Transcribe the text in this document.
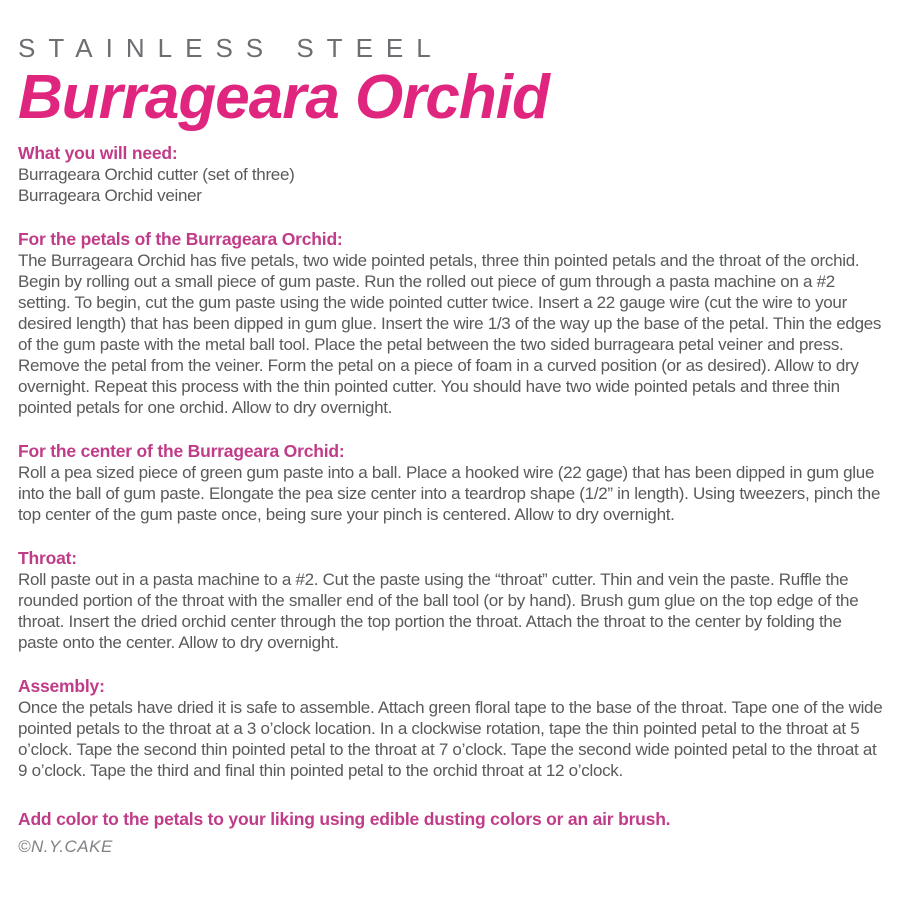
STAINLESS STEEL
Burrageara Orchid
What you will need:
Burrageara Orchid cutter (set of three)
Burrageara Orchid veiner
For the petals of the Burrageara Orchid:

The Burrageara Orchid has five petals, two wide pointed petals, three thin pointed petals and the throat of the orchid. Begin by rolling out a small piece of gum paste. Run the rolled out piece of gum through a pasta machine on a #2 setting. To begin, cut the gum paste using the wide pointed cutter twice. Insert a 22 gauge wire (cut the wire to your desired length) that has been dipped in gum glue. Insert the wire 1/3 of the way up the base of the petal. Thin the edges of the gum paste with the metal ball tool. Place the petal between the two sided burrageara petal veiner and press. Remove the petal from the veiner. Form the petal on a piece of foam in a curved position (or as desired). Allow to dry overnight. Repeat this process with the thin pointed cutter. You should have two wide pointed petals and three thin pointed petals for one orchid. Allow to dry overnight.

For the center of the Burrageara Orchid:

Roll a pea sized piece of green gum paste into a ball. Place a hooked wire (22 gage) that has been dipped in gum glue into the ball of gum paste. Elongate the pea size center into a teardrop shape (1/2” in length). Using tweezers, pinch the top center of the gum paste once, being sure your pinch is centered. Allow to dry overnight.

Throat:

Roll paste out in a pasta machine to a #2. Cut the paste using the “throat” cutter. Thin and vein the paste. Ruffle the rounded portion of the throat with the smaller end of the ball tool (or by hand). Brush gum glue on the top edge of the throat. Insert the dried orchid center through the top portion the throat. Attach the throat to the center by folding the paste onto the center. Allow to dry overnight.

Assembly:

Once the petals have dried it is safe to assemble. Attach green floral tape to the base of the throat. Tape one of the wide pointed petals to the throat at a 3 o’clock location. In a clockwise rotation, tape the thin pointed petal to the throat at 5 o’clock. Tape the second thin pointed petal to the throat at 7 o’clock. Tape the second wide pointed petal to the throat at 9 o’clock. Tape the third and final thin pointed petal to the orchid throat at 12 o’clock.

Add color to the petals to your liking using edible dusting colors or an air brush.

©N.Y.CAKE
